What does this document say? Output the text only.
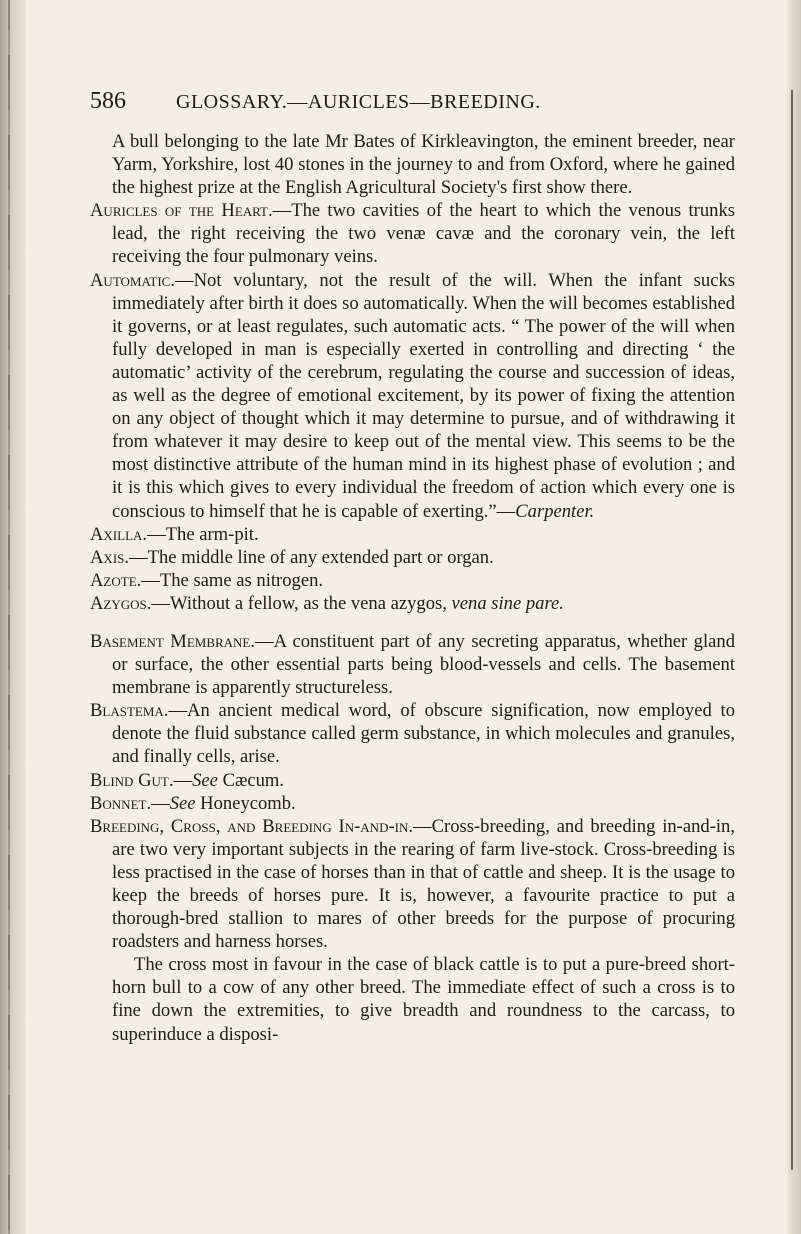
586	GLOSSARY.—AURICLES—BREEDING.

A bull belonging to the late Mr Bates of Kirkleavington, the eminent breeder, near Yarm, Yorkshire, lost 40 stones in the journey to and from Oxford, where he gained the highest prize at the English Agricultural Society's first show there.

Auricles of the Heart.—The two cavities of the heart to which the venous trunks lead, the right receiving the two venæ cavæ and the coronary vein, the left receiving the four pulmonary veins.

Automatic.—Not voluntary, not the result of the will. When the infant sucks immediately after birth it does so automatically. When the will becomes established it governs, or at least regulates, such automatic acts. “ The power of the will when fully developed in man is especially exerted in controlling and directing ‘ the automatic’ activity of the cerebrum, regulating the course and succession of ideas, as well as the degree of emotional excitement, by its power of fixing the attention on any object of thought which it may determine to pursue, and of withdrawing it from whatever it may desire to keep out of the mental view. This seems to be the most distinctive attribute of the human mind in its highest phase of evolution ; and it is this which gives to every individual the freedom of action which every one is conscious to himself that he is capable of exerting.”—Carpenter.

Axilla.—The arm-pit.

Axis.—The middle line of any extended part or organ.

Azote.—The same as nitrogen.

Azygos.—Without a fellow, as the vena azygos, vena sine pare.

Basement Membrane.—A constituent part of any secreting apparatus, whether gland or surface, the other essential parts being blood-vessels and cells. The basement membrane is apparently structureless.

Blastema.—An ancient medical word, of obscure signification, now employed to denote the fluid substance called germ substance, in which molecules and granules, and finally cells, arise.

Blind Gut.—See Cæcum.

Bonnet.—See Honeycomb.

Breeding, Cross, and Breeding In-and-in.—Cross-breeding, and breeding in-and-in, are two very important subjects in the rearing of farm live-stock. Cross-breeding is less practised in the case of horses than in that of cattle and sheep. It is the usage to keep the breeds of horses pure. It is, however, a favourite practice to put a thorough-bred stallion to mares of other breeds for the purpose of procuring roadsters and harness horses.

The cross most in favour in the case of black cattle is to put a pure-breed short-horn bull to a cow of any other breed. The immediate effect of such a cross is to fine down the extremities, to give breadth and roundness to the carcass, to superinduce a disposi-
